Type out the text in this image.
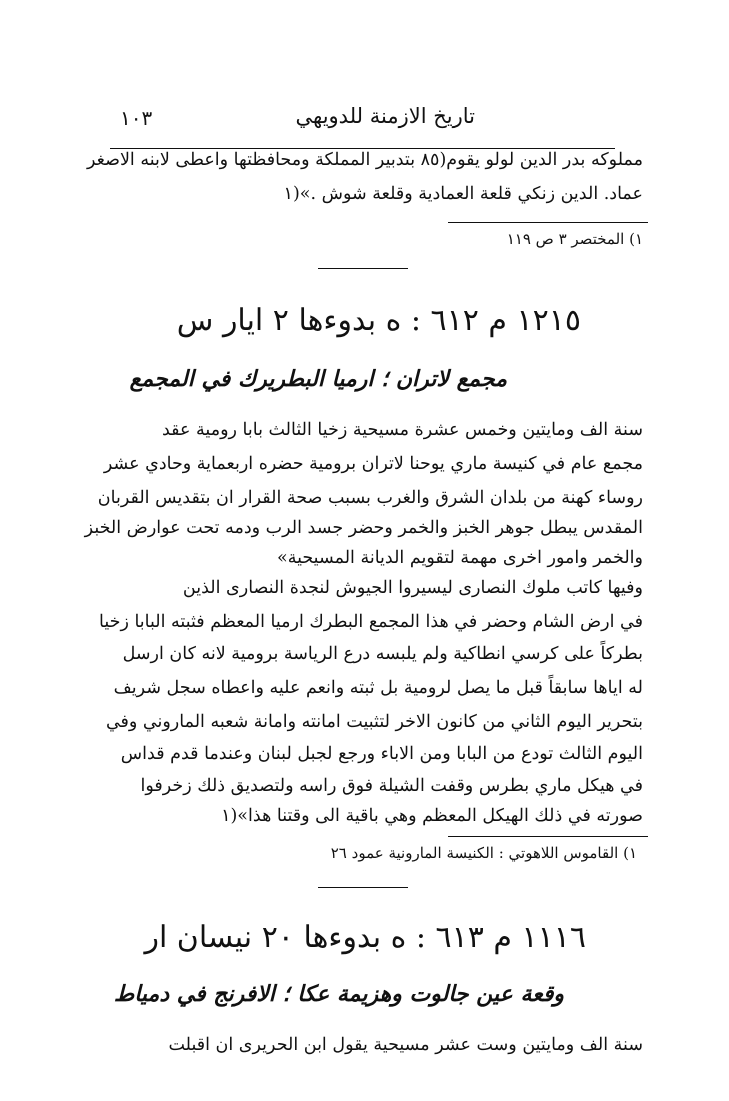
تاريخ الازمنة للدويهي
١٠٣

مملوكه بدر الدين لولو يقوم(٨٥ بتدبير المملكة ومحافظتها واعطى لابنه الاصغر

عماد. الدين زنكي قلعة العمادية وقلعة شوش .»(١

١) المختصر ٣ ص ١١٩

١٢١٥ م ٦١٢ : ه بدوءها ٢ ايار س

مجمع لاتران ؛ ارميا البطريرك في المجمع

سنة الف ومايتين وخمس عشرة مسيحية زخيا الثالث بابا رومية عقد

مجمع عام في كنيسة ماري يوحنا لاتران برومية حضره اربعماية وحادي عشر

روساء كهنة من بلدان الشرق والغرب بسبب صحة القرار ان بتقديس القربان

المقدس يبطل جوهر الخبز والخمر وحضر جسد الرب ودمه تحت عوارض الخبز

والخمر وامور اخرى مهمة لتقويم الديانة المسيحية»

وفيها كاتب ملوك النصارى ليسيروا الجيوش لنجدة النصارى الذين

في ارض الشام وحضر في هذا المجمع البطرك ارميا المعظم فثبته البابا زخيا

بطركاً على كرسي انطاكية ولم يلبسه درع الرياسة برومية لانه كان ارسل

له اياها سابقاً قبل ما يصل لرومية بل ثبته وانعم عليه واعطاه سجل شريف

بتحرير اليوم الثاني من كانون الاخر لتثبيت امانته وامانة شعبه الماروني وفي

اليوم الثالث تودع من البابا ومن الاباء ورجع لجبل لبنان وعندما قدم قداس

في هيكل ماري بطرس وقفت الشيلة فوق راسه ولتصديق ذلك زخرفوا

صورته في ذلك الهيكل المعظم وهي باقية الى وقتنا هذا»(١

١) القاموس اللاهوتي : الكنيسة المارونية عمود ٢٦

١١١٦ م ٦١٣ : ه بدوءها ٢٠ نيسان ار

وقعة عين جالوت وهزيمة عكا ؛ الافرنج في دمياط

سنة الف ومايتين وست عشر مسيحية يقول ابن الحريرى ان اقبلت
